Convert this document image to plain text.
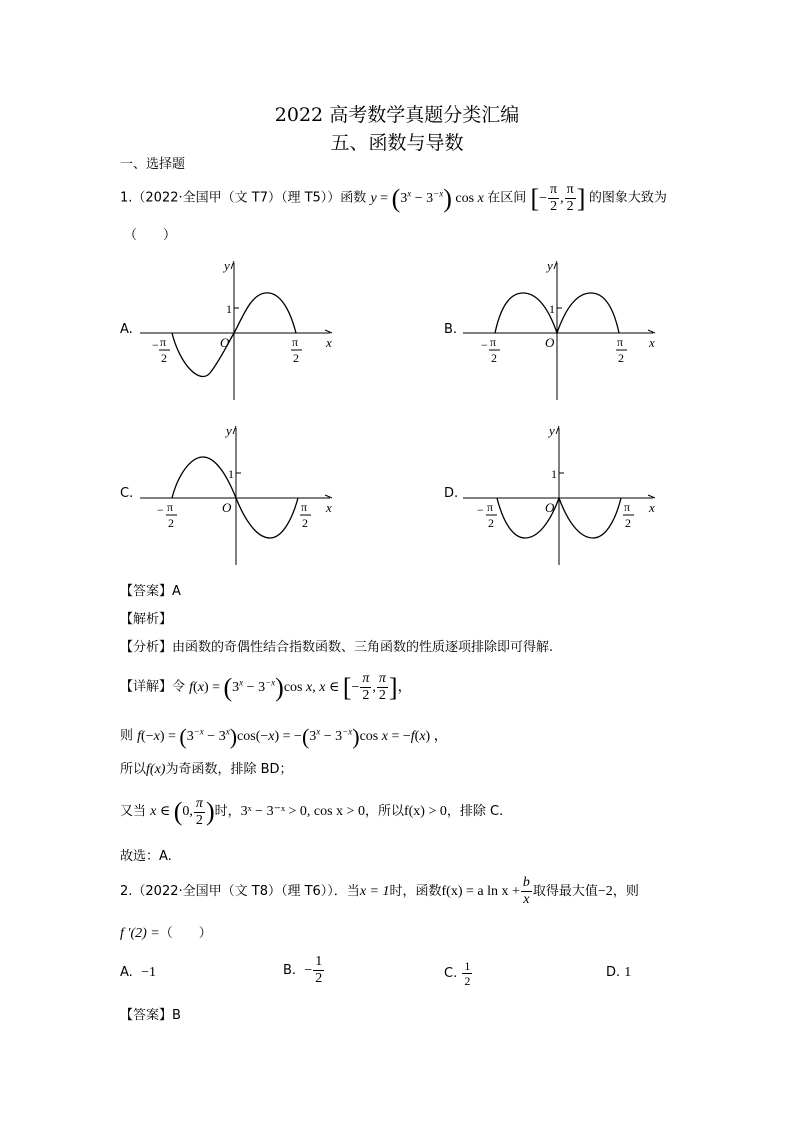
2022 高考数学真题分类汇编
五、函数与导数
一、选择题
1.（2022·全国甲（文 T7）（理 T5））函数 $y = (3^x - 3^{-x})$ cos x 在区间 [− $\frac{\pi}{2}$ , $\frac{\pi}{2}$ ] 的图象大致为
（　　）
A.
y
x
O
1
− π
2
π
2
B.
y
x
O
1
− π
2
π
2
C.
y
x
O
1
− π
2
π
2
D.
y
x
O
1
− π
2
π
2
【答案】A
【解析】
【分析】由函数的奇偶性结合指数函数、三角函数的性质逐项排除即可得解.
【详解】令 $f(x) = (3^x - 3^{-x})\cos$ x, x ∈ [− $\frac{\pi}{2}$ , $\frac{\pi}{2}$ ]，
则 $f(-x) = (3^{-x} - 3^x)\cos(-x) = -(3^x - 3^{-x})\cos$ x = −f(x) ，
所以f(x)为奇函数，排除 BD；
又当 x ∈ (0, $\frac{\pi}{2}$ )时，3ˣ − 3⁻ˣ > 0, cos x > 0，所以f(x) > 0，排除 C.
故选：A.
2.（2022·全国甲（文 T8）（理 T6））．当x = 1时，函数f(x) = a $\ln x + \frac{b}{x}$ 取得最大值−2，则
f ′(2) =（　　）
A. −1	B. − $\frac{1}{2}$	C. $\frac{1}{2}$	D. 1
【答案】B
